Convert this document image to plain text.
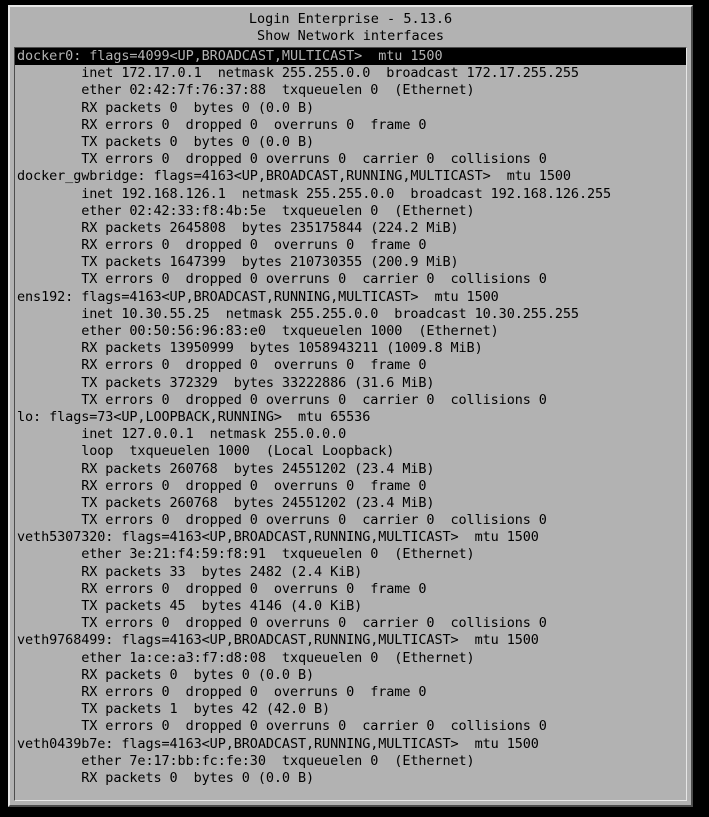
Login Enterprise - 5.13.6
Show Network interfaces
docker0: flags=4099<UP,BROADCAST,MULTICAST>  mtu 1500
inet 172.17.0.1  netmask 255.255.0.0  broadcast 172.17.255.255
ether 02:42:7f:76:37:88  txqueuelen 0  (Ethernet)
RX packets 0  bytes 0 (0.0 B)
RX errors 0  dropped 0  overruns 0  frame 0
TX packets 0  bytes 0 (0.0 B)
TX errors 0  dropped 0 overruns 0  carrier 0  collisions 0
docker_gwbridge: flags=4163<UP,BROADCAST,RUNNING,MULTICAST>  mtu 1500
inet 192.168.126.1  netmask 255.255.0.0  broadcast 192.168.126.255
ether 02:42:33:f8:4b:5e  txqueuelen 0  (Ethernet)
RX packets 2645808  bytes 235175844 (224.2 MiB)
RX errors 0  dropped 0  overruns 0  frame 0
TX packets 1647399  bytes 210730355 (200.9 MiB)
TX errors 0  dropped 0 overruns 0  carrier 0  collisions 0
ens192: flags=4163<UP,BROADCAST,RUNNING,MULTICAST>  mtu 1500
inet 10.30.55.25  netmask 255.255.0.0  broadcast 10.30.255.255
ether 00:50:56:96:83:e0  txqueuelen 1000  (Ethernet)
RX packets 13950999  bytes 1058943211 (1009.8 MiB)
RX errors 0  dropped 0  overruns 0  frame 0
TX packets 372329  bytes 33222886 (31.6 MiB)
TX errors 0  dropped 0 overruns 0  carrier 0  collisions 0
lo: flags=73<UP,LOOPBACK,RUNNING>  mtu 65536
inet 127.0.0.1  netmask 255.0.0.0
loop  txqueuelen 1000  (Local Loopback)
RX packets 260768  bytes 24551202 (23.4 MiB)
RX errors 0  dropped 0  overruns 0  frame 0
TX packets 260768  bytes 24551202 (23.4 MiB)
TX errors 0  dropped 0 overruns 0  carrier 0  collisions 0
veth5307320: flags=4163<UP,BROADCAST,RUNNING,MULTICAST>  mtu 1500
ether 3e:21:f4:59:f8:91  txqueuelen 0  (Ethernet)
RX packets 33  bytes 2482 (2.4 KiB)
RX errors 0  dropped 0  overruns 0  frame 0
TX packets 45  bytes 4146 (4.0 KiB)
TX errors 0  dropped 0 overruns 0  carrier 0  collisions 0
veth9768499: flags=4163<UP,BROADCAST,RUNNING,MULTICAST>  mtu 1500
ether 1a:ce:a3:f7:d8:08  txqueuelen 0  (Ethernet)
RX packets 0  bytes 0 (0.0 B)
RX errors 0  dropped 0  overruns 0  frame 0
TX packets 1  bytes 42 (42.0 B)
TX errors 0  dropped 0 overruns 0  carrier 0  collisions 0
veth0439b7e: flags=4163<UP,BROADCAST,RUNNING,MULTICAST>  mtu 1500
ether 7e:17:bb:fc:fe:30  txqueuelen 0  (Ethernet)
RX packets 0  bytes 0 (0.0 B)
